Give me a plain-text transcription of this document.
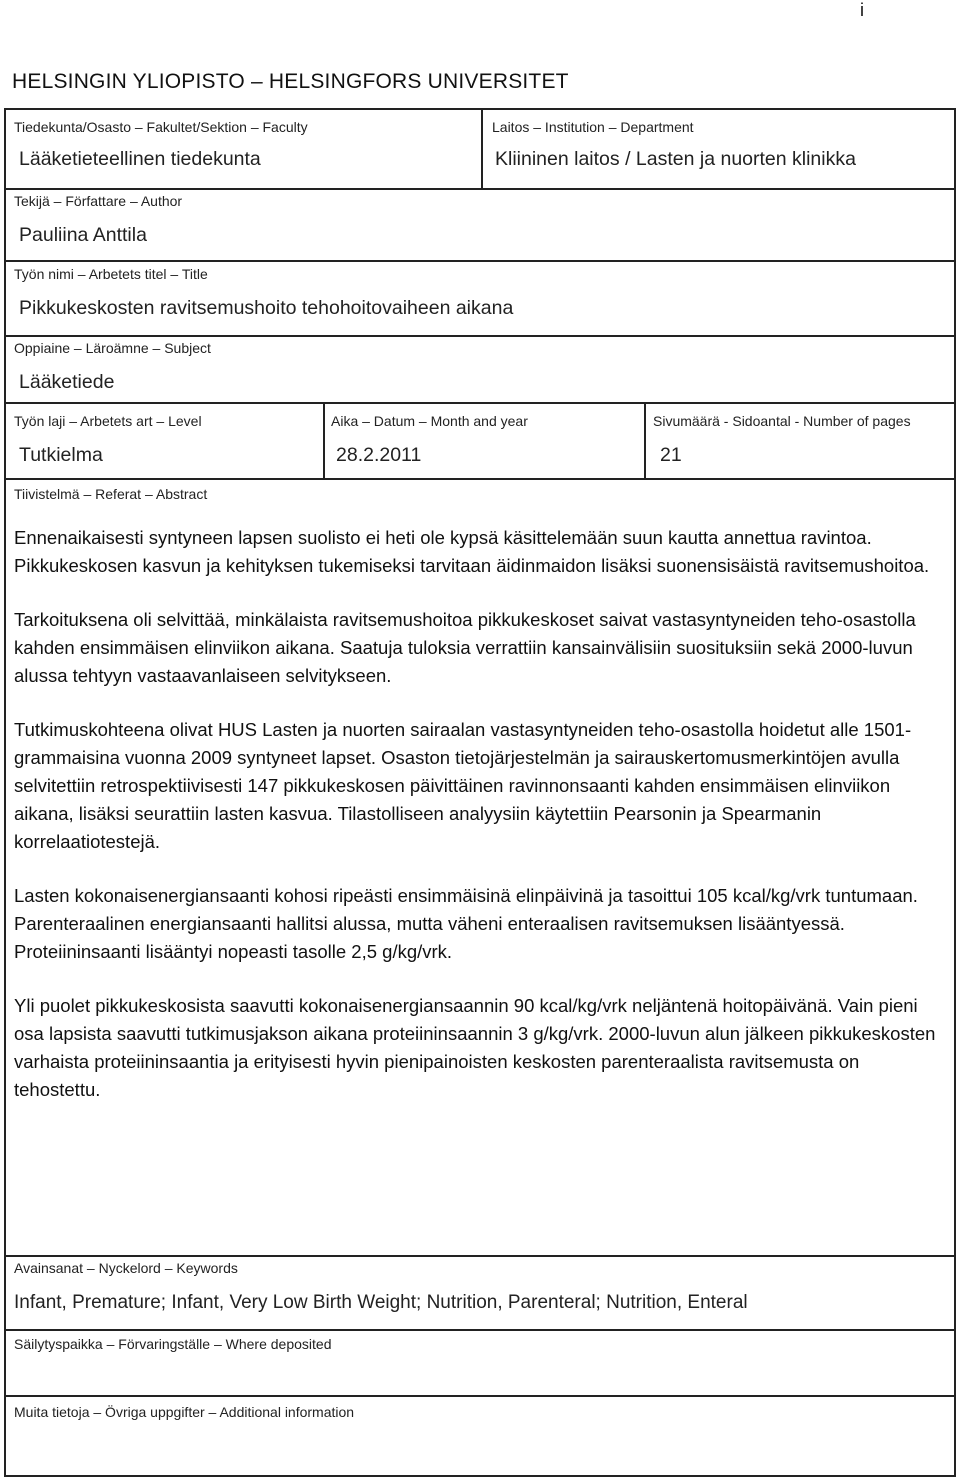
i
HELSINGIN YLIOPISTO – HELSINGFORS UNIVERSITET
Tiedekunta/Osasto – Fakultet/Sektion – Faculty
Lääketieteellinen tiedekunta
Laitos – Institution – Department
Kliininen laitos / Lasten ja nuorten klinikka
Tekijä – Författare – Author
Pauliina Anttila
Työn nimi – Arbetets titel – Title
Pikkukeskosten ravitsemushoito tehohoitovaiheen aikana
Oppiaine – Läroämne – Subject
Lääketiede
Työn laji – Arbetets art – Level
Tutkielma
Aika – Datum – Month and year
28.2.2011
Sivumäärä - Sidoantal - Number of pages
21
Tiivistelmä – Referat – Abstract

Ennenaikaisesti syntyneen lapsen suolisto ei heti ole kypsä käsittelemään suun kautta annettua ravintoa. Pikkukeskosen kasvun ja kehityksen tukemiseksi tarvitaan äidinmaidon lisäksi suonensisäistä ravitsemushoitoa.

Tarkoituksena oli selvittää, minkälaista ravitsemushoitoa pikkukeskoset saivat vastasyntyneiden teho-osastolla kahden ensimmäisen elinviikon aikana. Saatuja tuloksia verrattiin kansainvälisiin suosituksiin sekä 2000-luvun alussa tehtyyn vastaavanlaiseen selvitykseen.

Tutkimuskohteena olivat HUS Lasten ja nuorten sairaalan vastasyntyneiden teho-osastolla hoidetut alle 1501-grammaisina vuonna 2009 syntyneet lapset. Osaston tietojärjestelmän ja sairauskertomusmerkintöjen avulla selvitettiin retrospektiivisesti 147 pikkukeskosen päivittäinen ravinnonsaanti kahden ensimmäisen elinviikon aikana, lisäksi seurattiin lasten kasvua. Tilastolliseen analyysiin käytettiin Pearsonin ja Spearmanin korrelaatiotestejä.

Lasten kokonaisenergiansaanti kohosi ripeästi ensimmäisinä elinpäivinä ja tasoittui 105 kcal/kg/vrk tuntumaan. Parenteraalinen energiansaanti hallitsi alussa, mutta väheni enteraalisen ravitsemuksen lisääntyessä. Proteiininsaanti lisääntyi nopeasti tasolle 2,5 g/kg/vrk.

Yli puolet pikkukeskosista saavutti kokonaisenergiansaannin 90 kcal/kg/vrk neljäntenä hoitopäivänä. Vain pieni osa lapsista saavutti tutkimusjakson aikana proteiininsaannin 3 g/kg/vrk. 2000-luvun alun jälkeen pikkukeskosten varhaista proteiininsaantia ja erityisesti hyvin pienipainoisten keskosten parenteraalista ravitsemusta on tehostettu.

Avainsanat – Nyckelord – Keywords
Infant, Premature; Infant, Very Low Birth Weight; Nutrition, Parenteral; Nutrition, Enteral
Säilytyspaikka – Förvaringställe – Where deposited
Muita tietoja – Övriga uppgifter – Additional information
